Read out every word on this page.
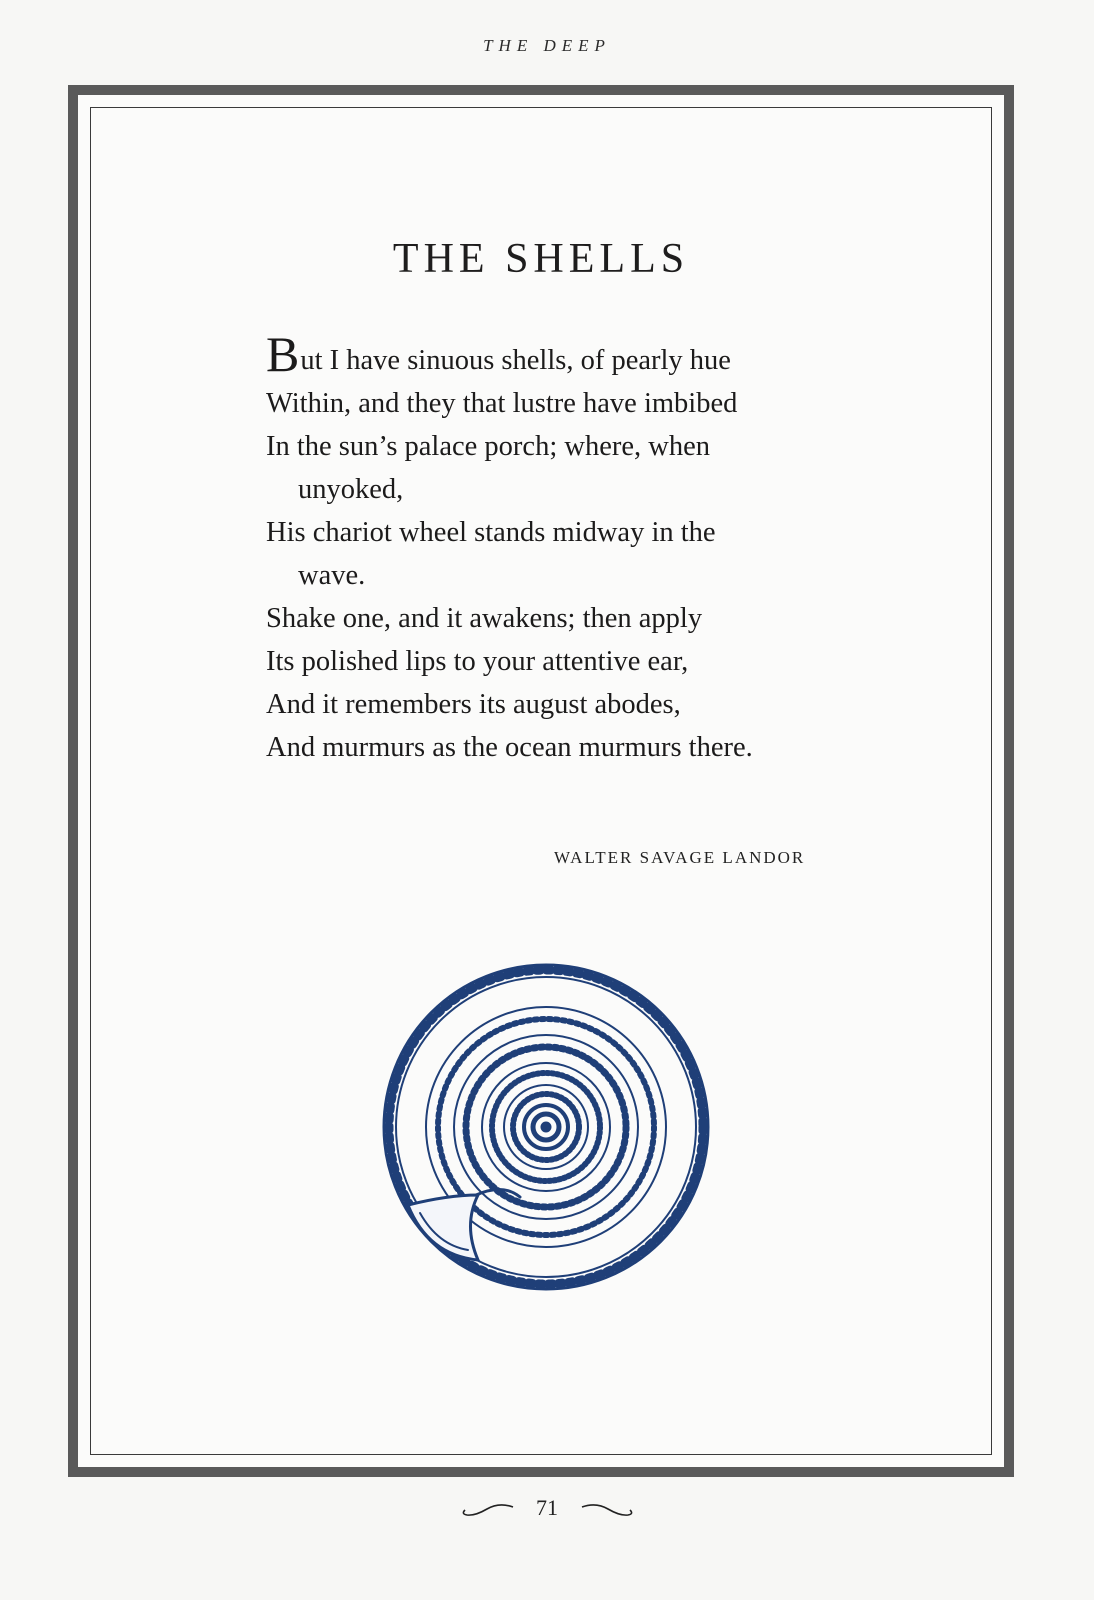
THE DEEP
THE SHELLS
But I have sinuous shells, of pearly hue
Within, and they that lustre have imbibed
In the sun’s palace porch; where, when
unyoked,
His chariot wheel stands midway in the
wave.
Shake one, and it awakens; then apply
Its polished lips to your attentive ear,
And it remembers its august abodes,
And murmurs as the ocean murmurs there.
WALTER SAVAGE LANDOR
71
